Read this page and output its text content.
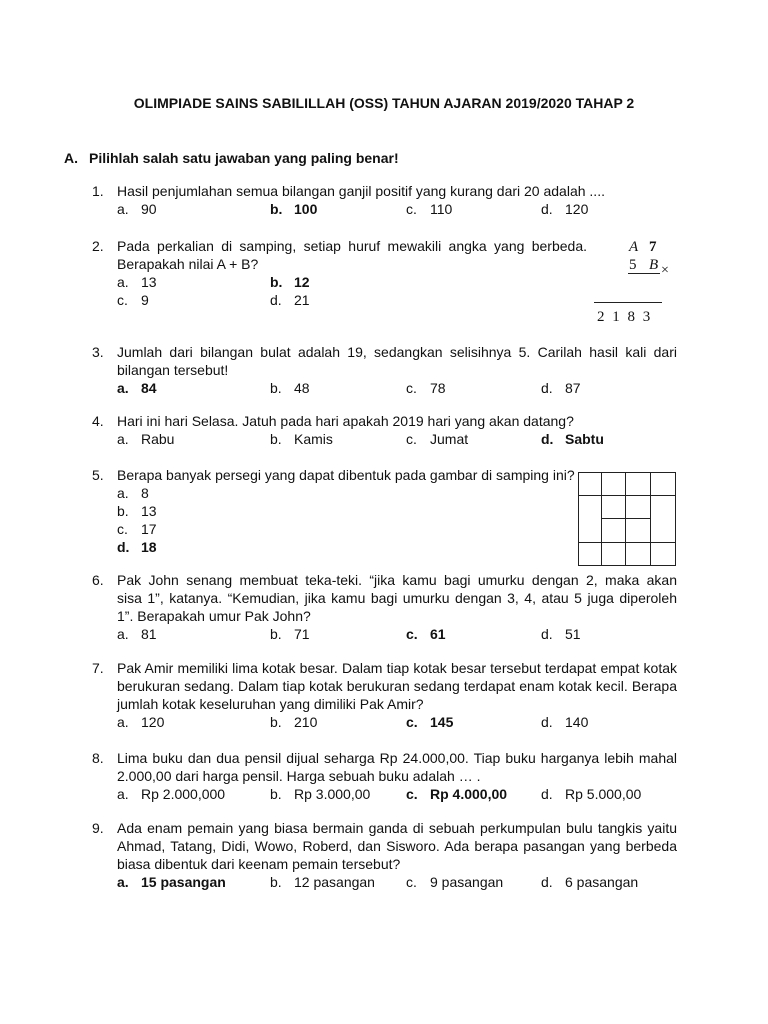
OLIMPIADE SAINS SABILILLAH (OSS) TAHUN AJARAN 2019/2020 TAHAP 2
A. Pilihlah salah satu jawaban yang paling benar!
1. Hasil penjumlahan semua bilangan ganjil positif yang kurang dari 20 adalah ....
a. 90	b. 100	c. 110	d. 120
2. Pada perkalian di samping, setiap huruf mewakili angka yang berbeda.
Berapakah nilai A + B?
a. 13	b. 12
c. 9	d. 21
3. Jumlah dari bilangan bulat adalah 19, sedangkan selisihnya 5. Carilah hasil kali dari
bilangan tersebut!
a. 84	b. 48	c. 78	d. 87
4. Hari ini hari Selasa. Jatuh pada hari apakah 2019 hari yang akan datang?
a. Rabu	b. Kamis	c. Jumat	d. Sabtu
5. Berapa banyak persegi yang dapat dibentuk pada gambar di samping ini?
a. 8
b. 13
c. 17
d. 18
6. Pak John senang membuat teka-teki. “jika kamu bagi umurku dengan 2, maka akan
sisa 1”, katanya. “Kemudian, jika kamu bagi umurku dengan 3, 4, atau 5 juga diperoleh
1”. Berapakah umur Pak John?
a. 81	b. 71	c. 61	d. 51
7. Pak Amir memiliki lima kotak besar. Dalam tiap kotak besar tersebut terdapat empat kotak
berukuran sedang. Dalam tiap kotak berukuran sedang terdapat enam kotak kecil. Berapa
jumlah kotak keseluruhan yang dimiliki Pak Amir?
a. 120	b. 210	c. 145	d. 140
8. Lima buku dan dua pensil dijual seharga Rp 24.000,00. Tiap buku harganya lebih mahal
2.000,00 dari harga pensil. Harga sebuah buku adalah … .
a. Rp 2.000,000	b. Rp 3.000,00	c. Rp 4.000,00 d. Rp 5.000,00
9. Ada enam pemain yang biasa bermain ganda di sebuah perkumpulan bulu tangkis yaitu
Ahmad, Tatang, Didi, Wowo, Roberd, dan Sisworo. Ada berapa pasangan yang berbeda
biasa dibentuk dari keenam pemain tersebut?
a. 15 pasangan	b. 12 pasangan c. 9 pasangan	d. 6 pasangan
A 7
5 B ×
2 1 8 3
